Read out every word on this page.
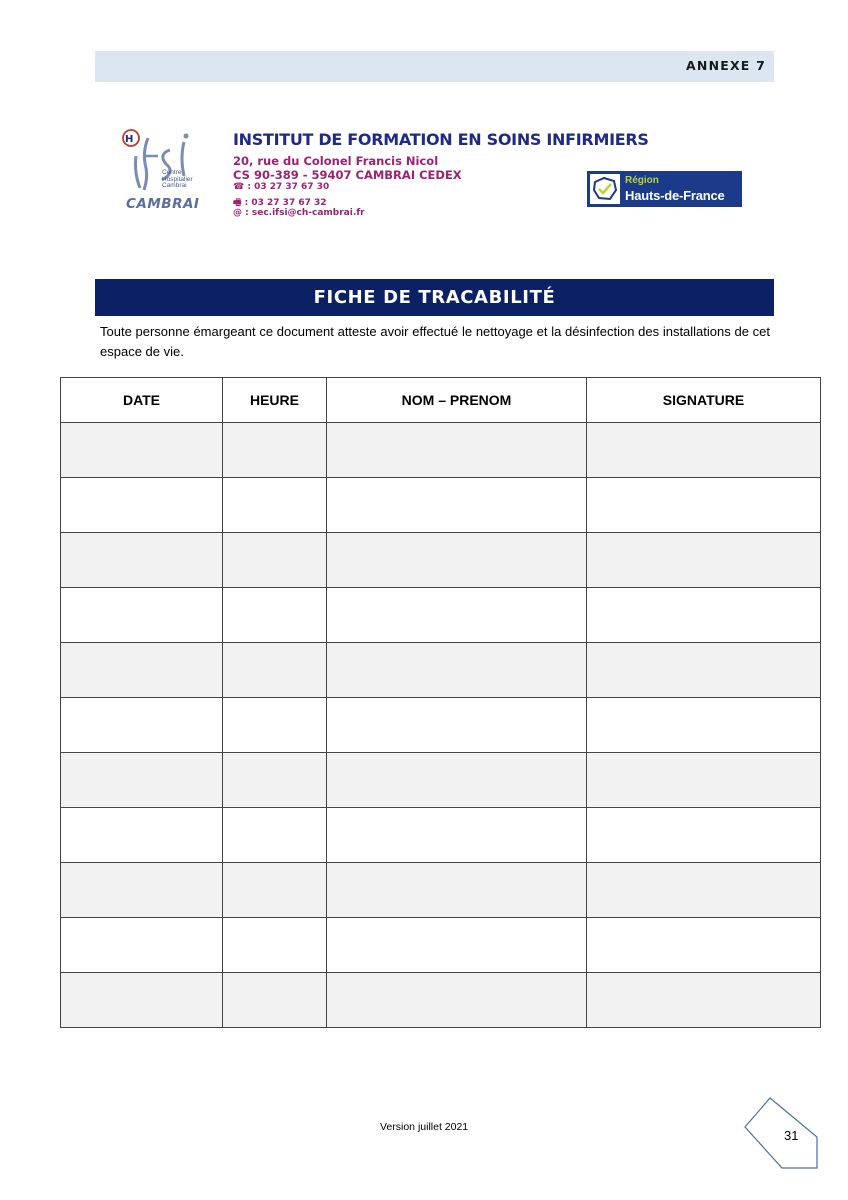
ANNEXE 7
H
Centre
Hospitalier
Cambrai
CAMBRAI
INSTITUT DE FORMATION EN SOINS INFIRMIERS
20, rue du Colonel Francis Nicol
CS 90-389 - 59407 CAMBRAI CEDEX
☎ : 03 27 37 67 30
🖷 : 03 27 37 67 32
@ : sec.ifsi@ch-cambrai.fr
Région
Hauts-de-France
FICHE DE TRACABILITÉ
Toute personne émargeant ce document atteste avoir effectué le nettoyage et la désinfection des installations de cet espace de vie.
DATE	HEURE	NOM – PRENOM	SIGNATURE

Version juillet 2021
31
